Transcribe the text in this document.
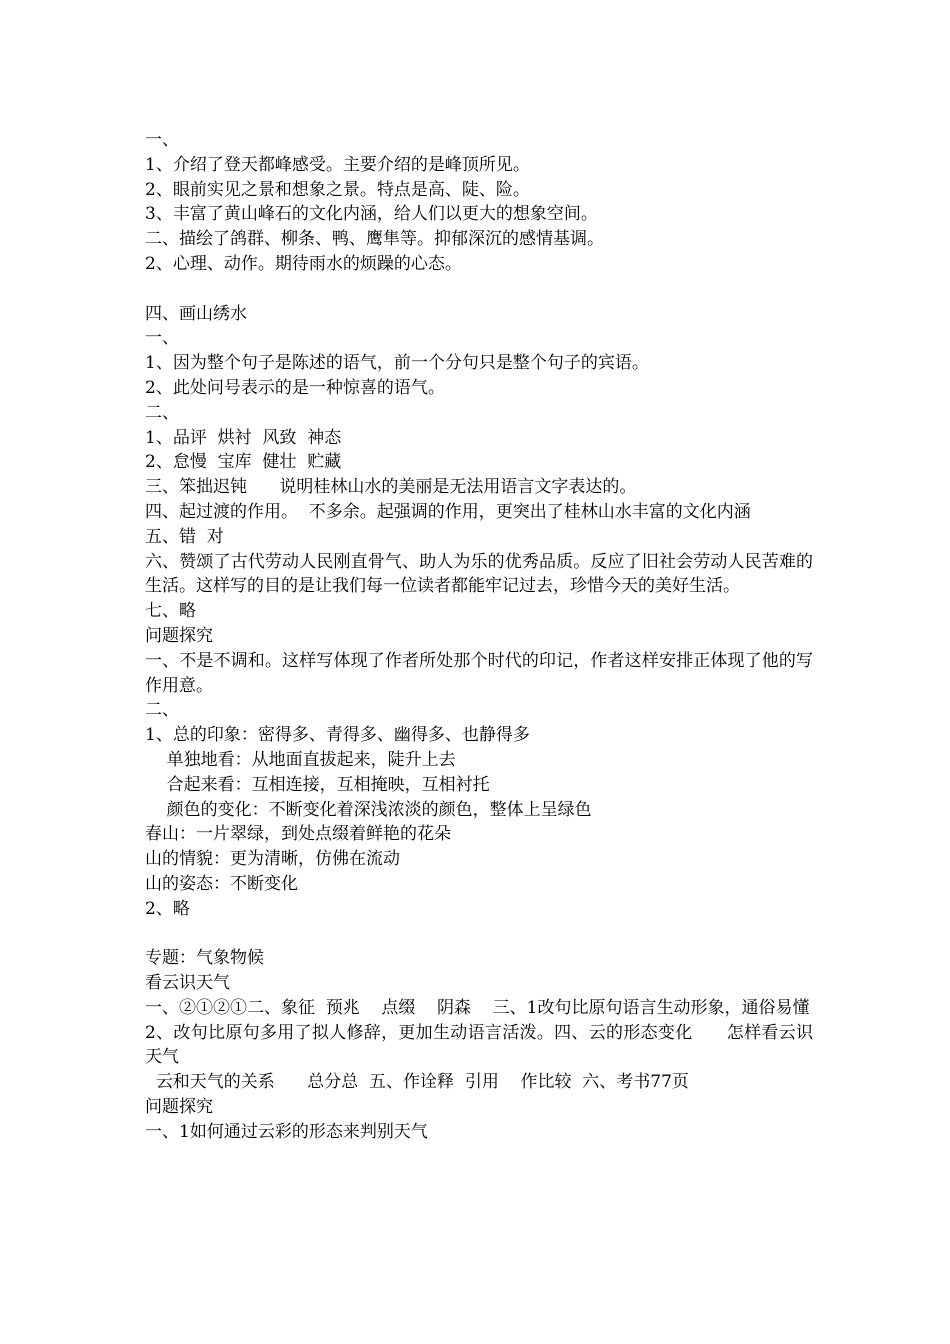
一、
1、介绍了登天都峰感受。主要介绍的是峰顶所见。
2、眼前实见之景和想象之景。特点是高、陡、险。
3、丰富了黄山峰石的文化内涵，给人们以更大的想象空间。
二、描绘了鸽群、柳条、鸭、鹰隼等。抑郁深沉的感情基调。
2、心理、动作。期待雨水的烦躁的心态。
四、画山绣水
一、
1、因为整个句子是陈述的语气，前一个分句只是整个句子的宾语。
2、此处问号表示的是一种惊喜的语气。
二、
1、品评  烘衬  风致  神态
2、怠慢  宝库  健壮  贮藏
三、笨拙迟钝      说明桂林山水的美丽是无法用语言文字表达的。
四、起过渡的作用。  不多余。起强调的作用，更突出了桂林山水丰富的文化内涵
五、错  对
六、赞颂了古代劳动人民刚直骨气、助人为乐的优秀品质。反应了旧社会劳动人民苦难的生活。这样写的目的是让我们每一位读者都能牢记过去，珍惜今天的美好生活。
七、略
问题探究
一、不是不调和。这样写体现了作者所处那个时代的印记，作者这样安排正体现了他的写作用意。
二、
1、总的印象：密得多、青得多、幽得多、也静得多
单独地看：从地面直拔起来，陡升上去
合起来看：互相连接，互相掩映，互相衬托
颜色的变化：不断变化着深浅浓淡的颜色，整体上呈绿色
春山：一片翠绿，到处点缀着鲜艳的花朵
山的情貌：更为清晰，仿佛在流动
山的姿态：不断变化
2、略
专题：气象物候
看云识天气
一、②①②①二、象征  预兆    点缀    阴森    三、1改句比原句语言生动形象，通俗易懂
2、改句比原句多用了拟人修辞，更加生动语言活泼。四、云的形态变化      怎样看云识天气
云和天气的关系      总分总  五、作诠释  引用    作比较  六、考书77页
问题探究
一、1如何通过云彩的形态来判别天气
